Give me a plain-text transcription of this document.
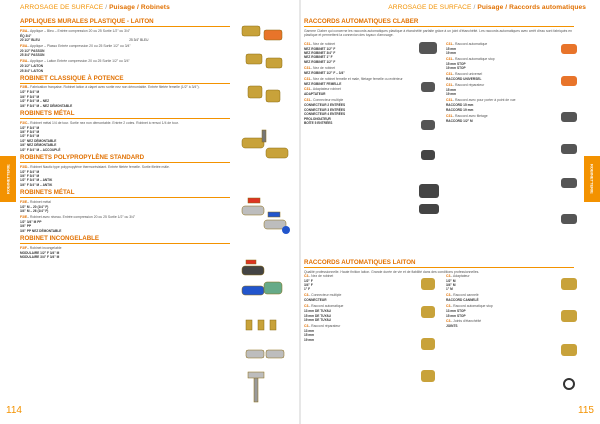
ARROSAGE DE SURFACE / Puisage / Robinets
ROBINETTERIE
114
APPLIQUES MURALES PLASTIQUE - LAITON
F3/A– Applique – Bleu – Entrée compression 20 ou 25 Sortie 1/2" ou 3/4"
ÉQ 3/4"
20 1/2" BLEU	25 3/4" BLEU
F3/A– Applique – Plasso Entrée compression 20 ou 25 Sortie 1/2" ou 3/4"
20 1/2" PASSON
25 3/4" PASSON
F3/A– Applique – Laiton Entrée compression 20 ou 25 Sortie 1/2" ou 3/4"
20 1/2" LAITON
25 3/4" LAITON
ROBINET CLASSIQUE À POTENCE
F3/B– Fabrication française. Robinet laiton à clapet avec sortie nez non démontable. Entrée filetée femelle (1/2" à 3/4").
1/2" F 3/4" M
3/4" F 3/4" M
1/2" F 3/4" M – NEZ
3/4" F 3/4" M – NEZ DÉMONTABLE
ROBINETS MÉTAL
F3/C– Robinet métal 1/4 de tour. Sortie nez non démontable. Entrée 2 cotes. Robinet à renvoi 1/4 de tour.
1/2" F 3/4" M
3/4" F 3/4" M
1/2" F 3/4" M
1/2" NEZ DÉMONTABLE
3/4" NEZ DÉMONTABLE
1/2" F 3/4" M – ACCOUPLÉ
ROBINETS POLYPROPYLÈNE STANDARD
F3/D– Robinet Nautic type polypropylène thermorésistant. Entrée filetée femelle. Sortie filetée mâle.
1/2" F 3/4" M
3/4" F 3/4" M
1/2" F 3/4" M – ANTIK
3/4" F 3/4" M – ANTIK
ROBINETS MÉTAL
F3/E– Robinet métal
1/2" M – 20 (1/4" F)
3/4" M – 26 (1/4" F)
F3/E– Robinet avec niveau. Entrée compression 20 ou 25 Sortie 1/2" ou 3/4"
1/2" 3/4" M PP
3/4" PP
3/4" PP NEZ DÉMONTABLE
ROBINET INCONGELABLE
F3/F– Robinet incongelable
MODULAIRE 1/2" F 3/4" M
MODULAIRE 3/4" F 3/4" M
ARROSAGE DE SURFACE / Puisage / Raccords automatiques
ROBINETTERIE
115
RACCORDS AUTOMATIQUES CLABER
Gamme Claber qui concerne les raccords automatiques plastique à étanchéité parfaite grâce à un joint d'étanchéité. Les raccords automatiques avec arrêt d'eau sont fabriqués en plastique et permettent la connexion des tuyaux d'arrosage.
C31– Nez de robinet
NEZ ROBINET 1/2" F
NEZ ROBINET 3/4" F
NEZ ROBINET 1" F
NEZ ROBINET 1/2" F
C31– Nez de robinet
NEZ ROBINET 1/2" F – 3/4"
C31– Nez de robinet femelle et male, filetage femelle ou extérieur
NEZ ROBINET FEMELLE
C31– Adaptateur robinet
ADAPTATEUR
C31– Connecteur multiple
CONNECTEUR 2 ENTRÉES
CONNECTEUR 3 ENTRÉES
CONNECTEUR 4 ENTRÉES
PROLONGATEUR
BOÎTE 5 ENTRÉES
C31– Raccord automatique
15 mm
19 mm
C31– Raccord automatique stop
15 mm STOP
19 mm STOP
C31– Raccord universel
RACCORD UNIVERSEL
C31– Raccord réparateur
15 mm
19 mm
C31– Raccord avec pour porter à point de vue
RACCORD 15 mm
RACCORD 19 mm
C31– Raccord avec filetage
RACCORD 1/2" M
RACCORDS AUTOMATIQUES LAITON
Qualité professionnelle. Haute finition laiton. Grande durée de vie et de fiabilité dans des conditions professionnelles.
C3– Nez de robinet
1/2" F
3/4" F
1" F
C3– Connecteur multiple
CONNECTEUR
C3– Raccord automatique
13 mm DE TUYAU
15 mm DE TUYAU
19 mm DE TUYAU
C3– Raccord réparateur
13 mm
15 mm
19 mm
C3– Adaptateur
1/2" M
3/4" M
1" M
C3– Raccord cannelé
RACCORD CANNELÉ
C3– Raccord automatique stop
13 mm STOP
15 mm STOP
C3– Joints d'étanchéité
JOINTS
